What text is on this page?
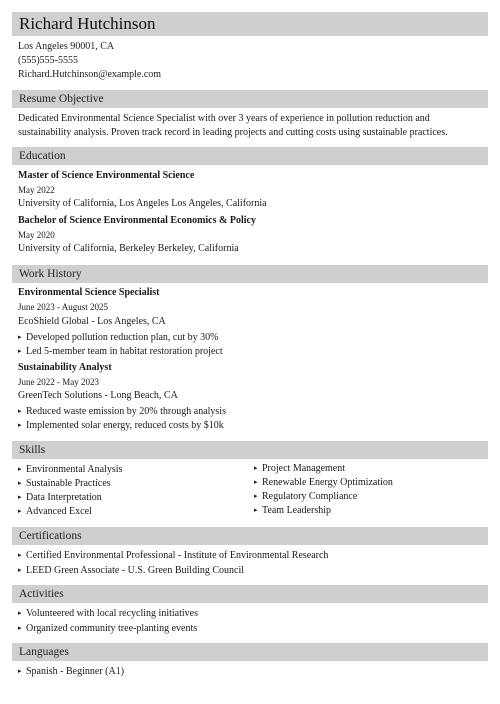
Richard Hutchinson
Los Angeles 90001, CA
(555)555-5555
Richard.Hutchinson@example.com
Resume Objective
Dedicated Environmental Science Specialist with over 3 years of experience in pollution reduction and sustainability analysis. Proven track record in leading projects and cutting costs using sustainable practices.
Education
Master of Science Environmental Science
May 2022
University of California, Los Angeles Los Angeles, California
Bachelor of Science Environmental Economics & Policy
May 2020
University of California, Berkeley Berkeley, California
Work History
Environmental Science Specialist
June 2023 - August 2025
EcoShield Global - Los Angeles, CA
▸ Developed pollution reduction plan, cut by 30%
▸ Led 5-member team in habitat restoration project
Sustainability Analyst
June 2022 - May 2023
GreenTech Solutions - Long Beach, CA
▸ Reduced waste emission by 20% through analysis
▸ Implemented solar energy, reduced costs by $10k
Skills
▸ Environmental Analysis
▸ Sustainable Practices
▸ Data Interpretation
▸ Advanced Excel
▸ Project Management
▸ Renewable Energy Optimization
▸ Regulatory Compliance
▸ Team Leadership
Certifications
▸ Certified Environmental Professional - Institute of Environmental Research
▸ LEED Green Associate - U.S. Green Building Council
Activities
▸ Volunteered with local recycling initiatives
▸ Organized community tree-planting events
Languages
▸ Spanish - Beginner (A1)
